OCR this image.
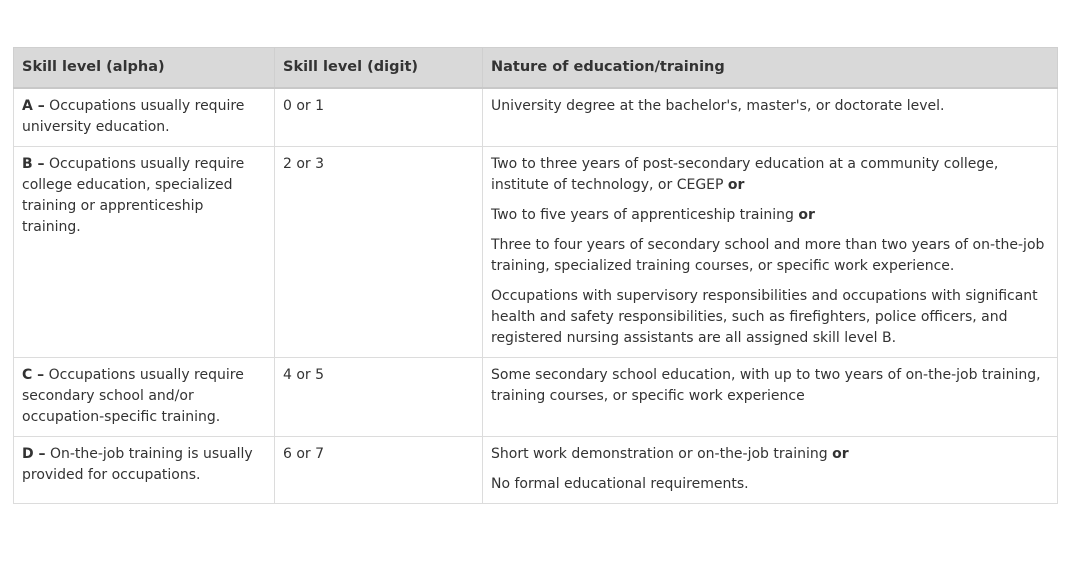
Skill level (alpha)	Skill level (digit)	Nature of education/training
A – Occupations usually require university education.	0 or 1	University degree at the bachelor's, master's, or doctorate level.

B – Occupations usually require college education, specialized training or apprenticeship training.	2 or 3	Two to three years of post-secondary education at a community college, institute of technology, or CEGEP or

Two to five years of apprenticeship training or

Three to four years of secondary school and more than two years of on-the-job training, specialized training courses, or specific work experience.

Occupations with supervisory responsibilities and occupations with significant health and safety responsibilities, such as firefighters, police officers, and registered nursing assistants are all assigned skill level B.

C – Occupations usually require secondary school and/or occupation-specific training.	4 or 5	Some secondary school education, with up to two years of on-the-job training, training courses, or specific work experience

D – On-the-job training is usually provided for occupations.	6 or 7	Short work demonstration or on-the-job training or

No formal educational requirements.
